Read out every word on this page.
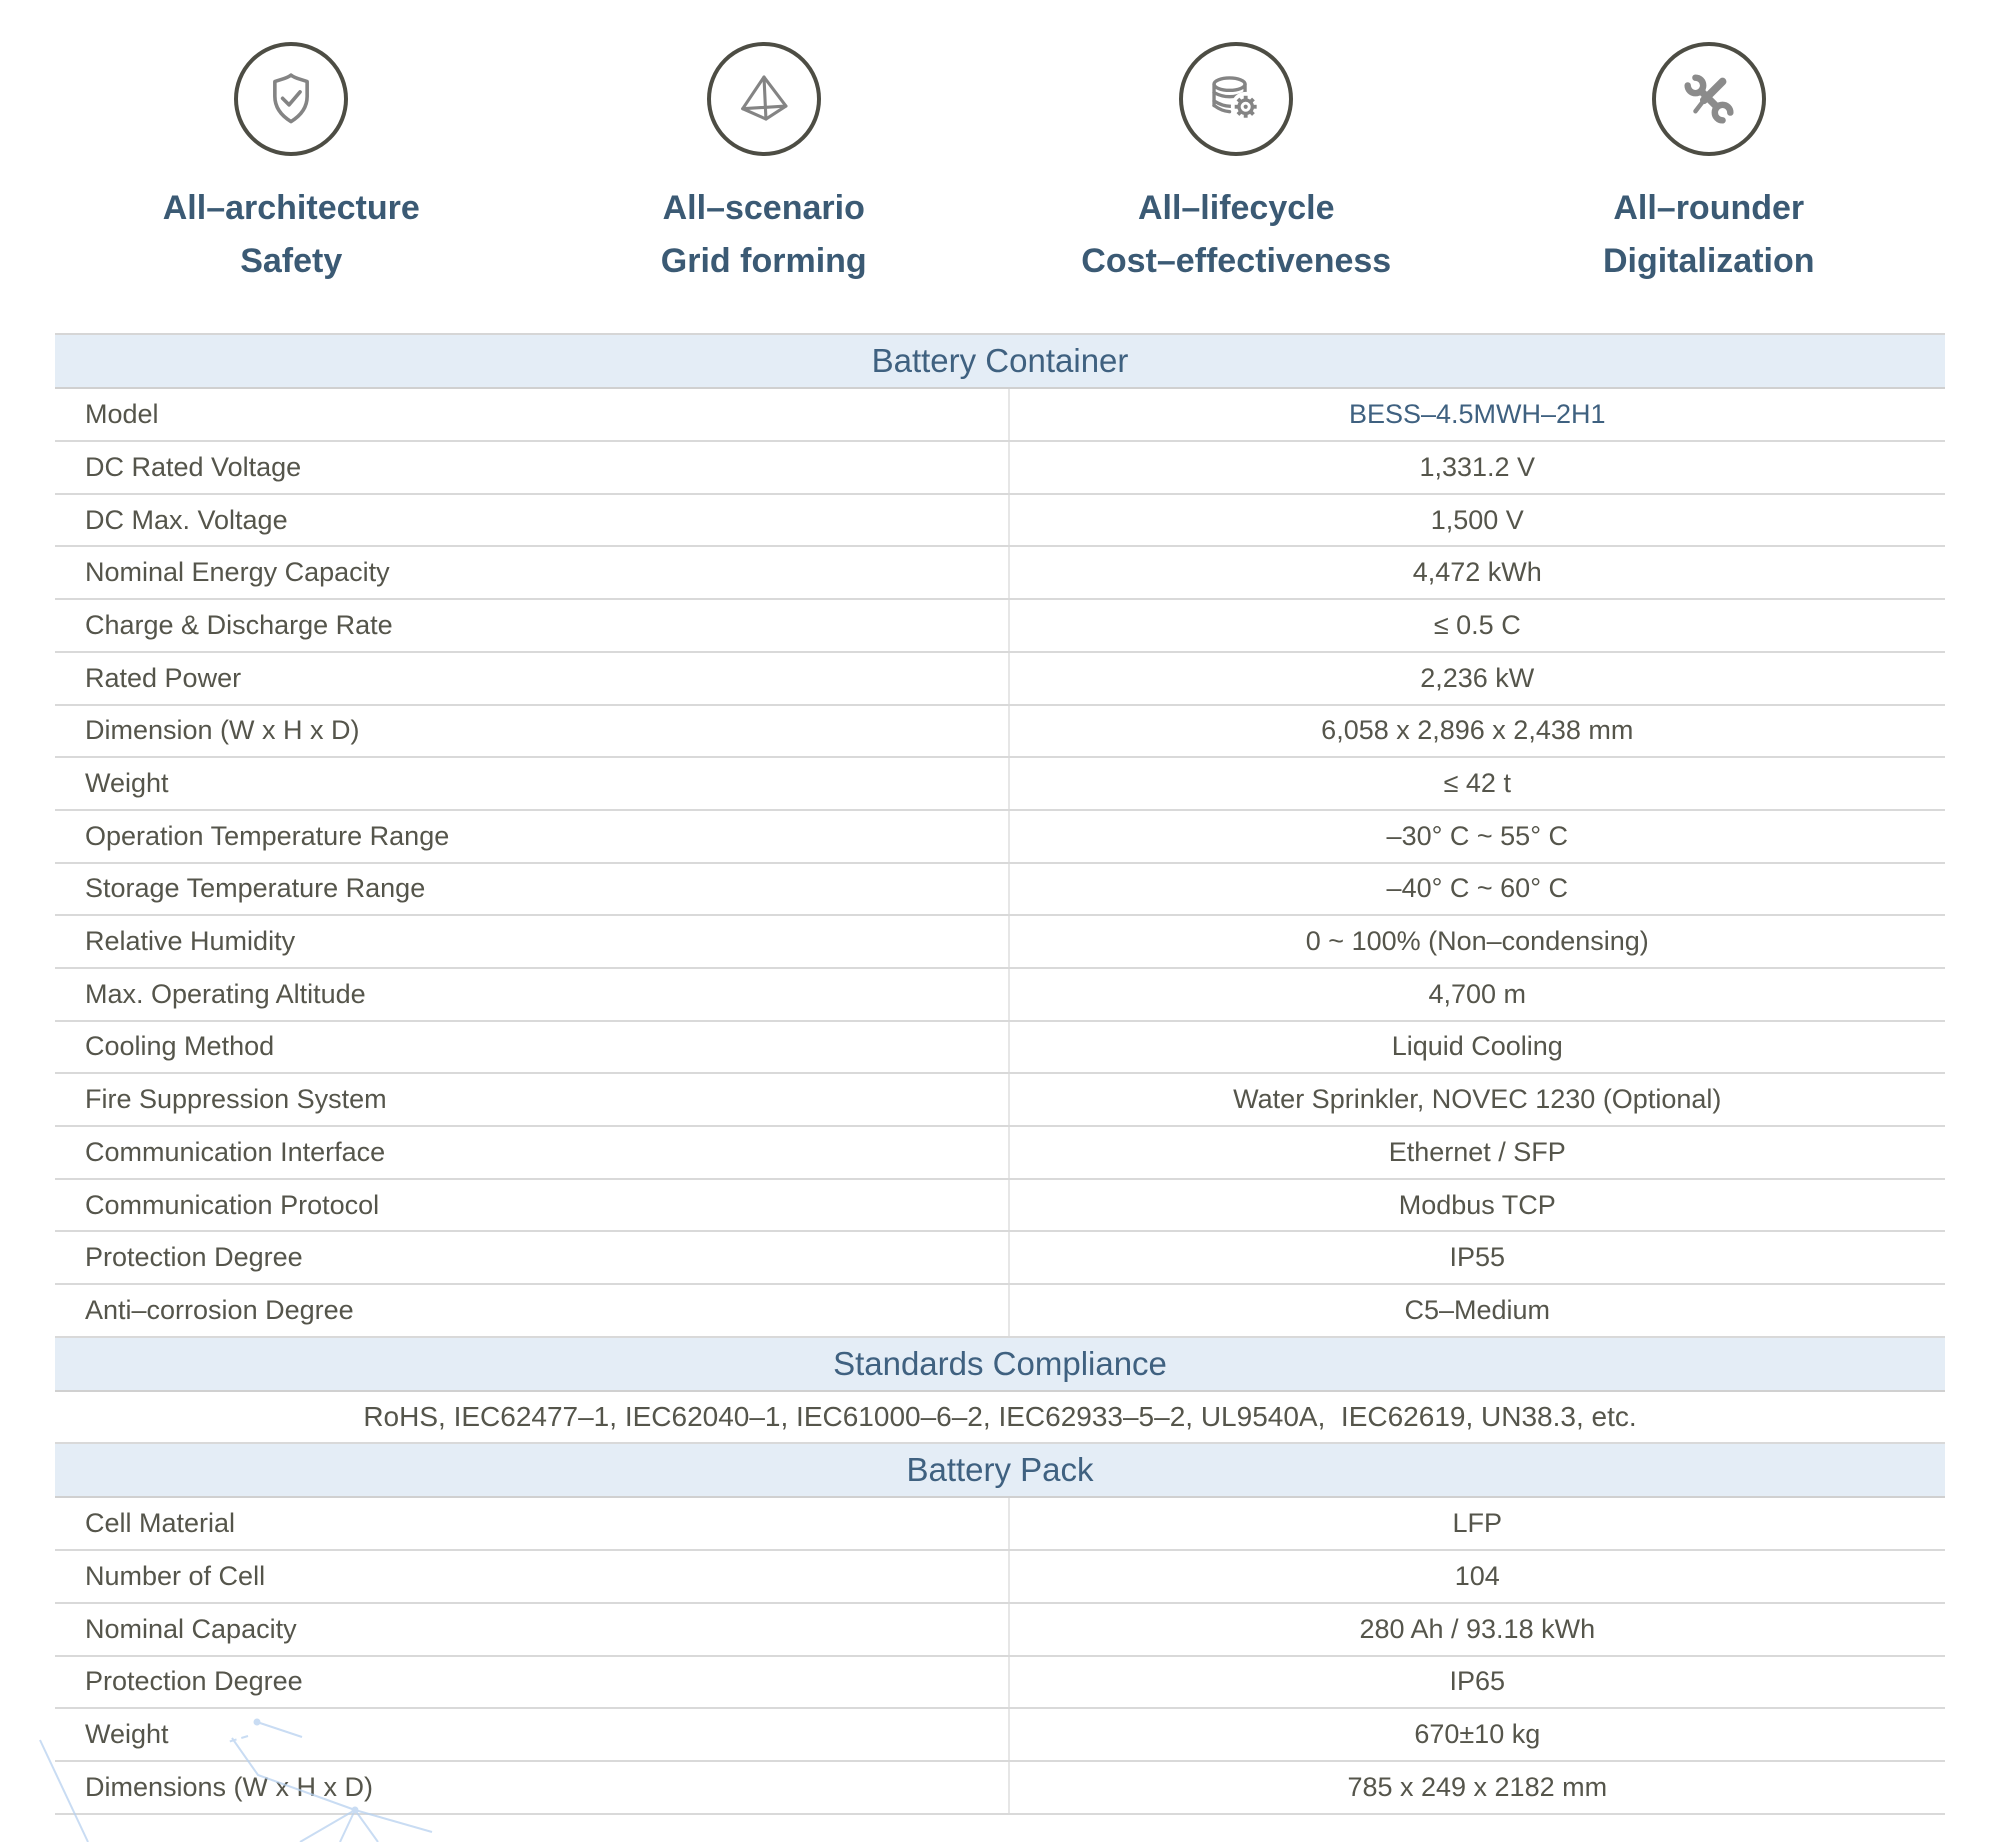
All–architecture
Safety
All–scenario
Grid forming
All–lifecycle
Cost–effectiveness
All–rounder
Digitalization
Battery Container
Model	BESS–4.5MWH–2H1
DC Rated Voltage	1,331.2 V
DC Max. Voltage	1,500 V
Nominal Energy Capacity	4,472 kWh
Charge & Discharge Rate	≤ 0.5 C
Rated Power	2,236 kW
Dimension (W x H x D)	6,058 x 2,896 x 2,438 mm
Weight	≤ 42 t
Operation Temperature Range	–30° C ~ 55° C
Storage Temperature Range	–40° C ~ 60° C
Relative Humidity	0 ~ 100% (Non–condensing)
Max. Operating Altitude	4,700 m
Cooling Method	Liquid Cooling
Fire Suppression System	Water Sprinkler, NOVEC 1230 (Optional)
Communication Interface	Ethernet / SFP
Communication Protocol	Modbus TCP
Protection Degree	IP55
Anti–corrosion Degree	C5–Medium
Standards Compliance
RoHS, IEC62477–1, IEC62040–1, IEC61000–6–2, IEC62933–5–2, UL9540A,  IEC62619, UN38.3, etc.
Battery Pack
Cell Material	LFP
Number of Cell	104
Nominal Capacity	280 Ah / 93.18 kWh
Protection Degree	IP65
Weight	670±10 kg
Dimensions (W x H x D)	785 x 249 x 2182 mm
